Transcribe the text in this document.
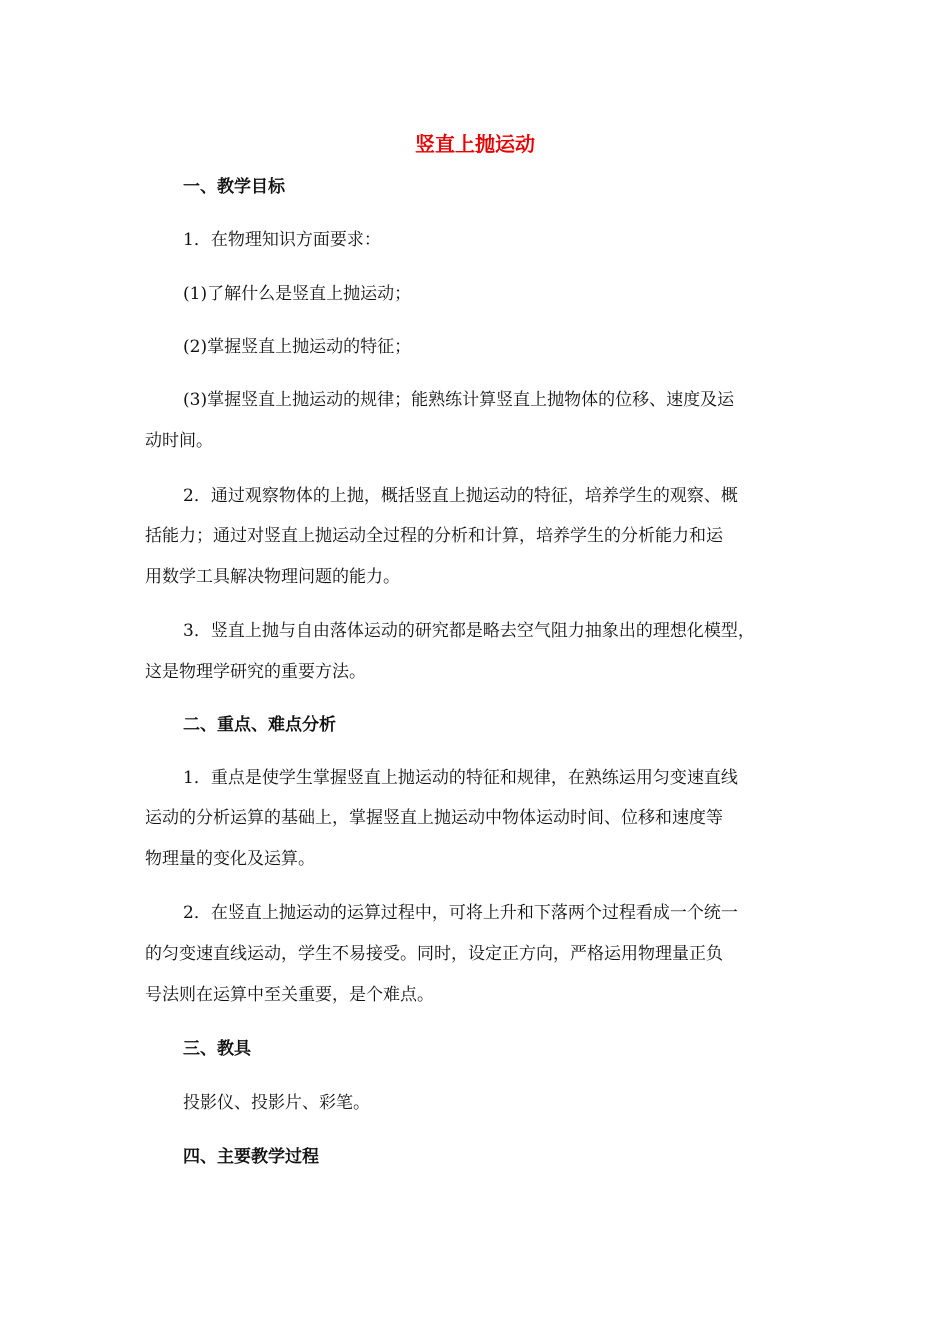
竖直上抛运动
一、教学目标
1．在物理知识方面要求：
(1)了解什么是竖直上抛运动；
(2)掌握竖直上抛运动的特征；
(3)掌握竖直上抛运动的规律；能熟练计算竖直上抛物体的位移、速度及运
动时间。
2．通过观察物体的上抛，概括竖直上抛运动的特征，培养学生的观察、概
括能力；通过对竖直上抛运动全过程的分析和计算，培养学生的分析能力和运
用数学工具解决物理问题的能力。
3．竖直上抛与自由落体运动的研究都是略去空气阻力抽象出的理想化模型，
这是物理学研究的重要方法。
二、重点、难点分析
1．重点是使学生掌握竖直上抛运动的特征和规律，在熟练运用匀变速直线
运动的分析运算的基础上，掌握竖直上抛运动中物体运动时间、位移和速度等
物理量的变化及运算。
2．在竖直上抛运动的运算过程中，可将上升和下落两个过程看成一个统一
的匀变速直线运动，学生不易接受。同时，设定正方向，严格运用物理量正负
号法则在运算中至关重要，是个难点。
三、教具
投影仪、投影片、彩笔。
四、主要教学过程
